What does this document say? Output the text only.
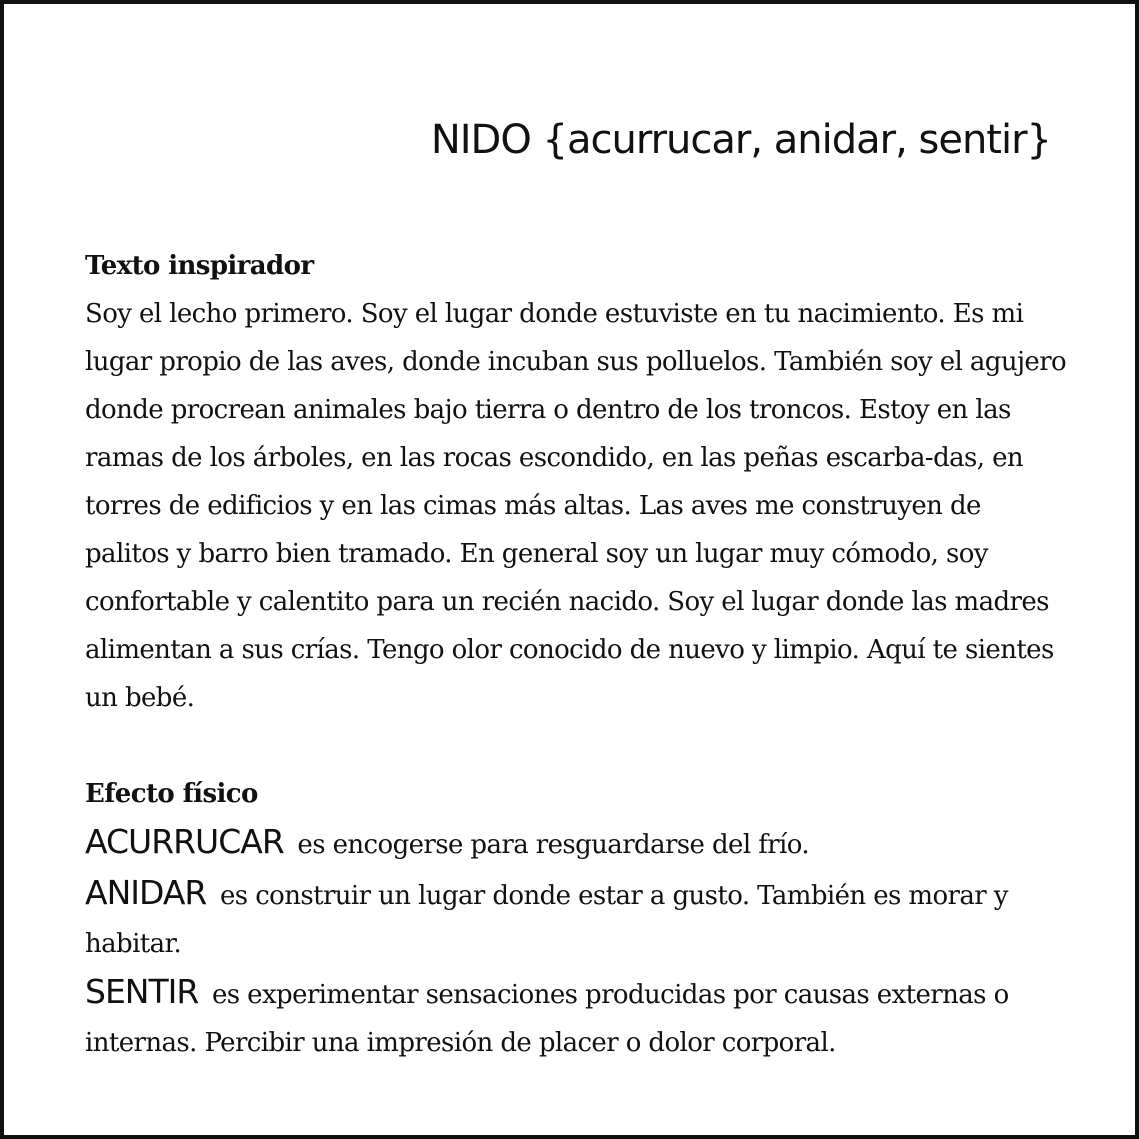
NIDO {acurrucar, anidar, sentir}
Texto inspirador

Soy el lecho primero. Soy el lugar donde estuviste en tu nacimiento. Es mi lugar propio de las aves, donde incuban sus polluelos. También soy el agujero donde procrean animales bajo tierra o dentro de los troncos. Estoy en las ramas de los árboles, en las rocas escondido, en las peñas escarba-das, en torres de edificios y en las cimas más altas. Las aves me construyen de palitos y barro bien tramado. En general soy un lugar muy cómodo, soy confortable y calentito para un recién nacido. Soy el lugar donde las madres alimentan a sus crías. Tengo olor conocido de nuevo y limpio. Aquí te sientes un bebé.

Efecto físico

ACURRUCAR es encogerse para resguardarse del frío.

ANIDAR es construir un lugar donde estar a gusto. También es morar y habitar.

SENTIR es experimentar sensaciones producidas por causas externas o internas. Percibir una impresión de placer o dolor corporal.
